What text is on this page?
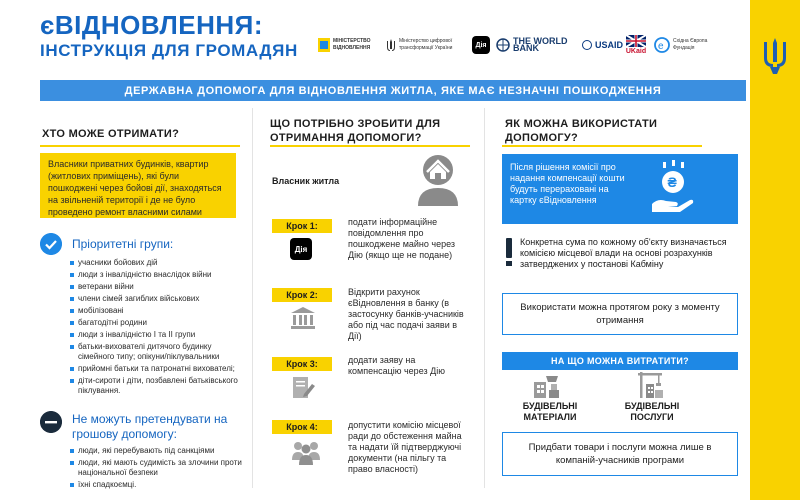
єВІДНОВЛЕННЯ:
ІНСТРУКЦІЯ ДЛЯ ГРОМАДЯН	МІНІСТЕРСТВО ВІДНОВЛЕННЯ
Міністерство цифрової трансформації України	Дія	THE WORLD BANK	USAID
UKaid e Східна Європа Фундація
ДЕРЖАВНА ДОПОМОГА ДЛЯ ВІДНОВЛЕННЯ ЖИТЛА, ЯКЕ МАЄ НЕЗНАЧНІ ПОШКОДЖЕННЯ
ХТО МОЖЕ ОТРИМАТИ?
Власники приватних будинків, квартир (житлових приміщень), які були пошкоджені через бойові дії, знаходяться на звільненій території і де не було проведено ремонт власними силами
Пріоритетні групи:
учасники бойових дій
люди з інвалідністю внаслідок війни
ветерани війни
члени сімей загиблих військових
мобілізовані
багатодітні родини
люди з інвалідністю I та II групи
батьки-вихователі дитячого будинку сімейного типу; опікуни/піклувальники
прийомні батьки та патронатні вихователі;
діти-сироти і діти, позбавлені батьківського піклування.
Не можуть претендувати на грошову допомогу:
люди, які перебувають під санкціями
люди, які мають судимість за злочини проти національної безпеки
їхні спадкоємці.
ЩО ПОТРІБНО ЗРОБИТИ ДЛЯ ОТРИМАННЯ ДОПОМОГИ?
Власник житла
Крок 1:
Дія
подати інформаційне повідомлення про пошкоджене майно через Дію (якщо ще не подане)
Крок 2:	Відкрити рахунок єВідновлення в банку (в застосунку банків-учасників або під час подачі заяви в Дії)
Крок 3:	додати заяву на компенсацію через Дію
Крок 4:	допустити комісію місцевої ради до обстеження майна та надати їй підтверджуючі документи (на пільгу та право власності)
ЯК МОЖНА ВИКОРИСТАТИ ДОПОМОГУ?
Після рішення комісії про надання компенсації кошти будуть перераховані на картку єВідновлення
₴
Конкретна сума по кожному об'єкту визначається комісією місцевої влади на основі розрахунків затверджених у постанові Кабміну
Використати можна протягом року з моменту отримання
НА ЩО МОЖНА ВИТРАТИТИ?
БУДІВЕЛЬНІ МАТЕРІАЛИ
БУДІВЕЛЬНІ ПОСЛУГИ
Придбати товари і послуги можна лише в компаній-учасників програми
